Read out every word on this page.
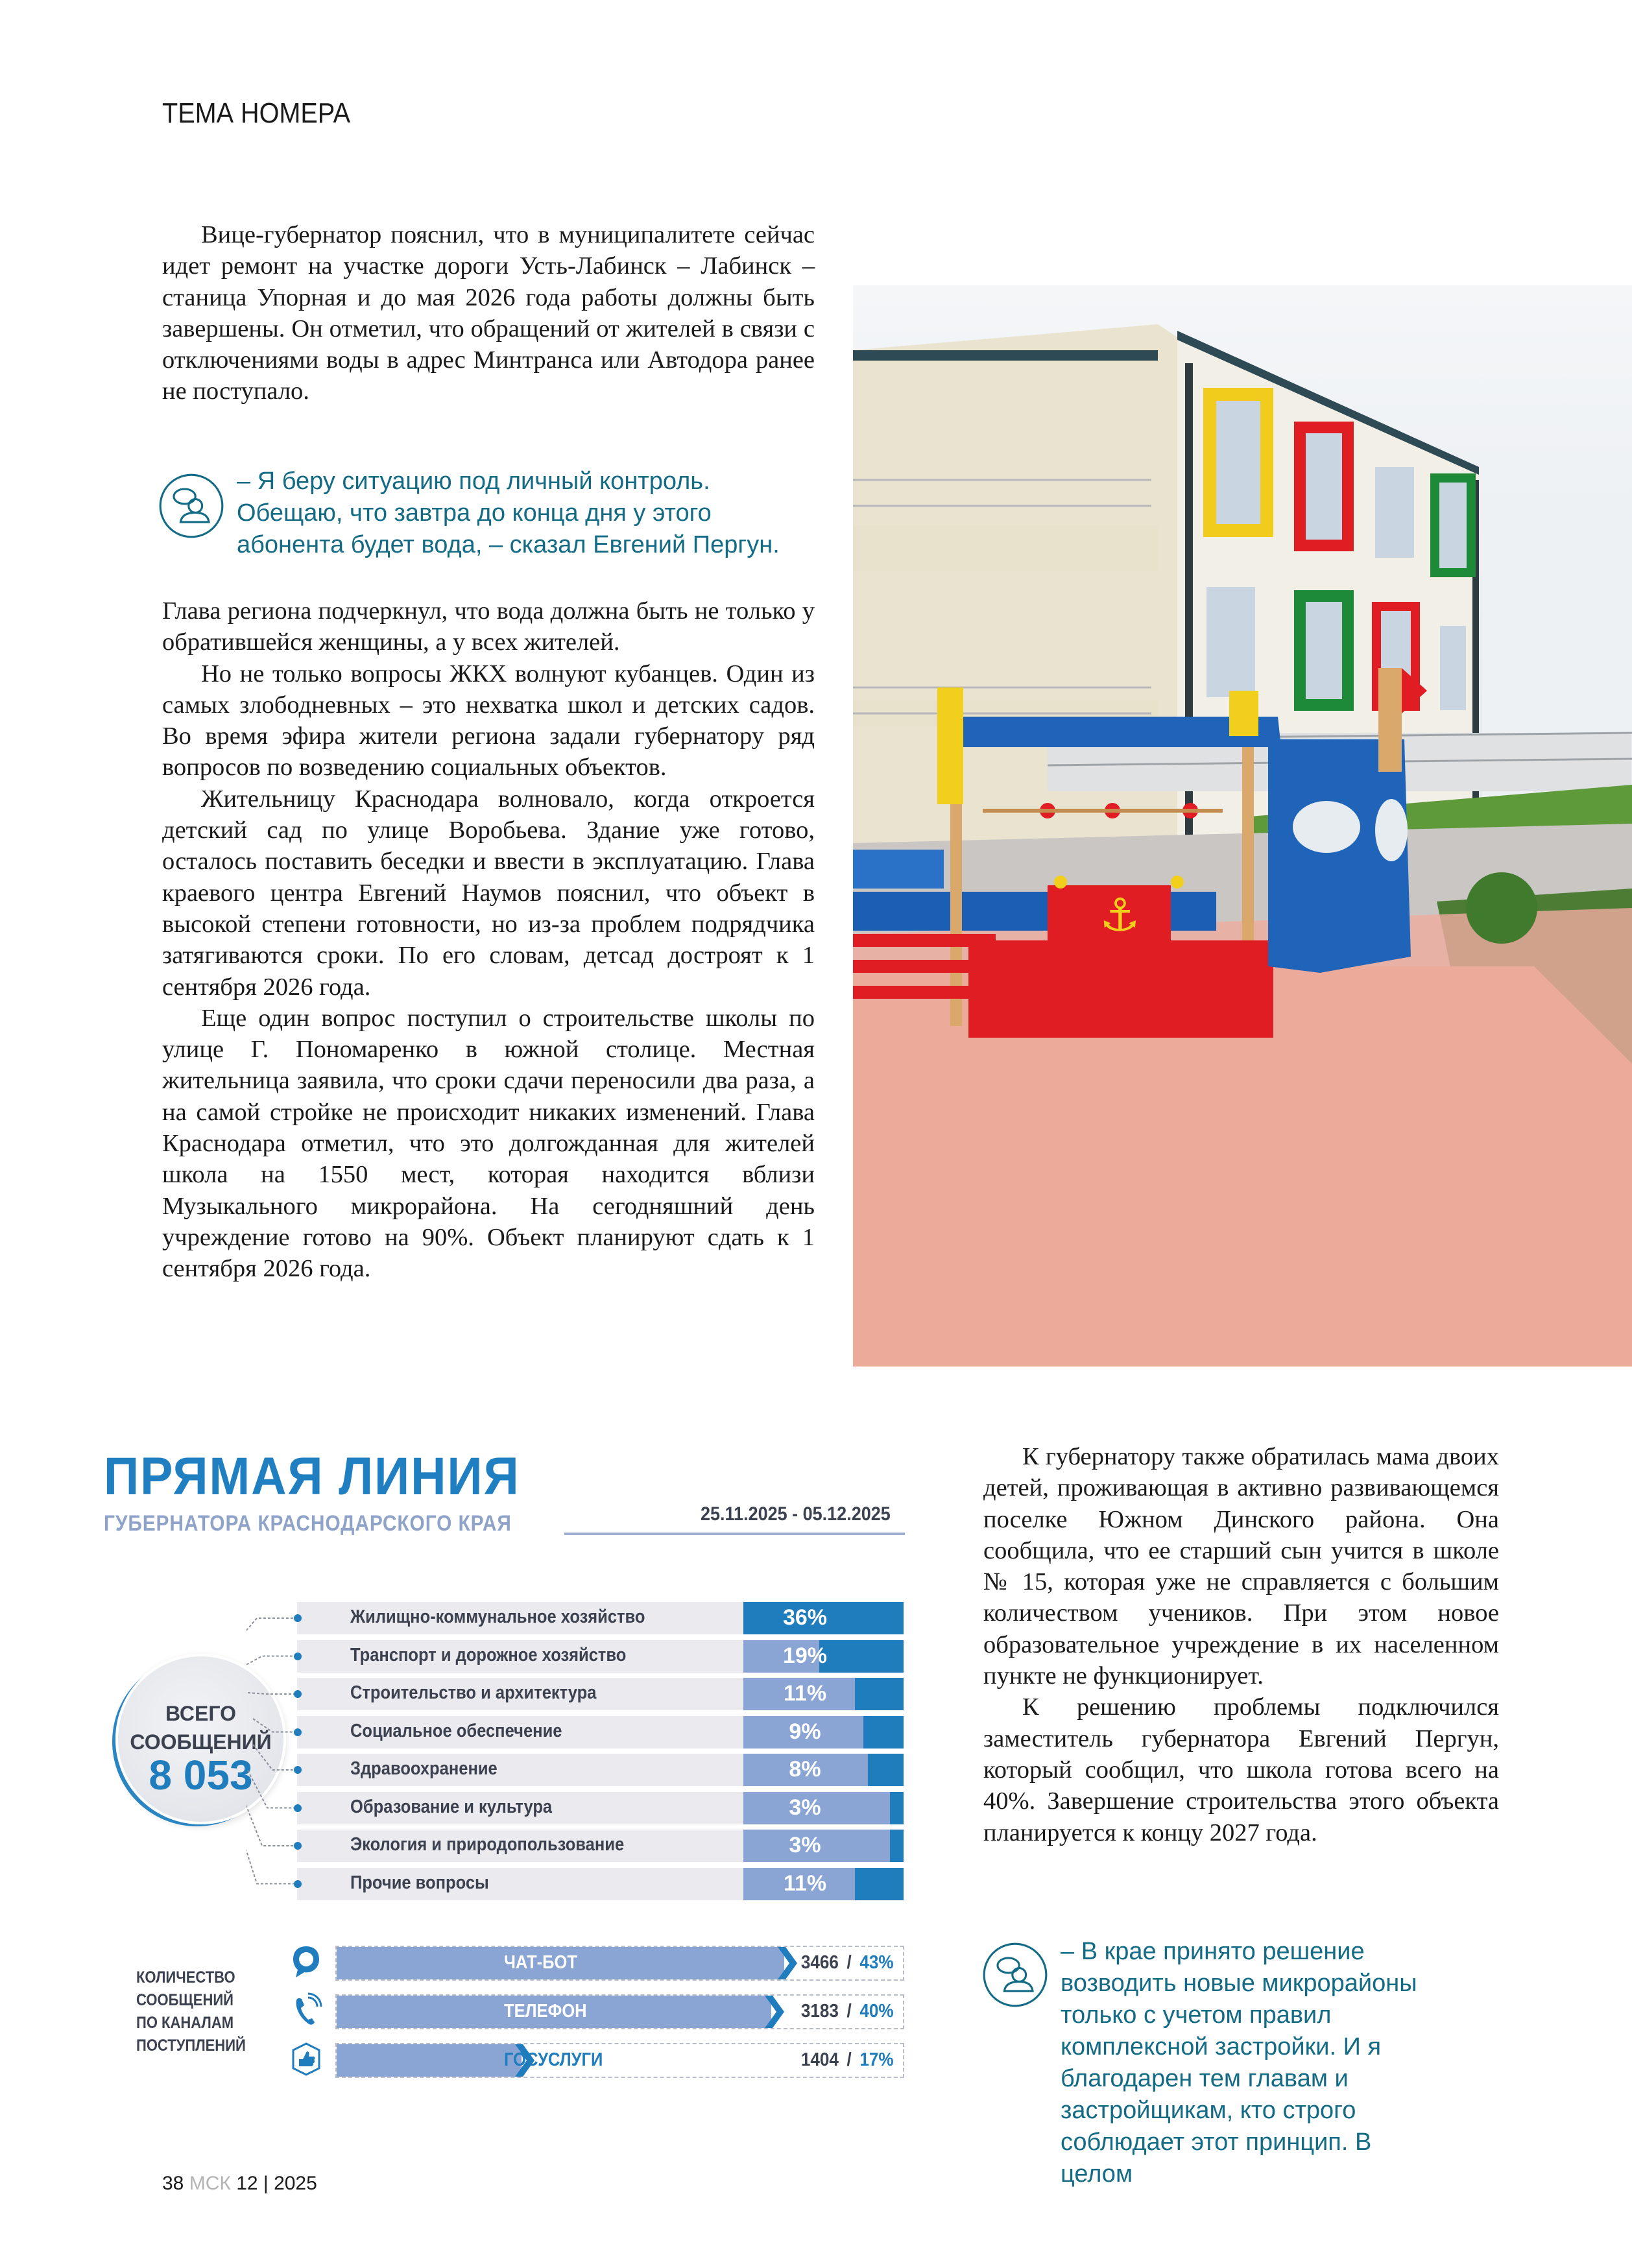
ТЕМА НОМЕРА

Вице-губернатор пояснил, что в муниципалитете сейчас идет ремонт на участке дороги Усть-Лабинск – Лабинск – станица Упорная и до мая 2026 года работы должны быть завершены. Он отметил, что обращений от жителей в связи с отключениями воды в адрес Минтранса или Автодора ранее не поступало.

– Я беру ситуацию под личный контроль. Обещаю, что завтра до конца дня у этого абонента будет вода, – сказал Евгений Пергун.

Глава региона подчеркнул, что вода должна быть не только у обратившейся женщины, а у всех жителей.

Но не только вопросы ЖКХ волнуют кубанцев. Один из самых злободневных – это нехватка школ и детских садов. Во время эфира жители региона задали губернатору ряд вопросов по возведению социальных объектов.

Жительницу Краснодара волновало, когда откроется детский сад по улице Воробьева. Здание уже готово, осталось поставить беседки и ввести в эксплуатацию. Глава краевого центра Евгений Наумов пояснил, что объект в высокой степени готовности, но из-за проблем подрядчика затягиваются сроки. По его словам, детсад достроят к 1 сентября 2026 года.

Еще один вопрос поступил о строительстве школы по улице Г. Пономаренко в южной столице. Местная жительница заявила, что сроки сдачи переносили два раза, а на самой стройке не происходит никаких изменений. Глава Краснодара отметил, что это долгожданная для жителей школа на 1550 мест, которая находится вблизи Музыкального микрорайона. На сегодняшний день учреждение готово на 90%. Объект планируют сдать к 1 сентября 2026 года.

⚓
ПРЯМАЯ ЛИНИЯ
ГУБЕРНАТОРА КРАСНОДАРСКОГО КРАЯ	25.11.2025 - 05.12.2025
ВСЕГО
СООБЩЕНИЙ
8 053
Жилищно-коммунальное хозяйство	36%
Транспорт и дорожное хозяйство	19%
Строительство и архитектура	11%
Социальное обеспечение	9%
Здравоохранение	8%
Образование и культура	3%
Экология и природопользование	3%
Прочие вопросы	11%
КОЛИЧЕСТВО
СООБЩЕНИЙ
ПО КАНАЛАМ
ПОСТУПЛЕНИЙ
ЧАТ-БОТ	3466 / 43%
ТЕЛЕФОН	3183 / 40%
ГОСУСЛУГИ	1404 / 17%

К губернатору также обратилась мама двоих детей, проживающая в активно развивающемся поселке Южном Динского района. Она сообщила, что ее старший сын учится в школе № 15, которая уже не справляется с большим количеством учеников. При этом новое образовательное учреждение в их населенном пункте не функционирует.

К решению проблемы подключился заместитель губернатора Евгений Пергун, который сообщил, что школа готова всего на 40%. Завершение строительства этого объекта планируется к концу 2027 года.

– В крае принято решение возводить новые микрорайоны только с учетом правил комплексной застройки. И я благодарен тем главам и застройщикам, кто строго соблюдает этот принцип. В целом
38 МСК 12 | 2025
